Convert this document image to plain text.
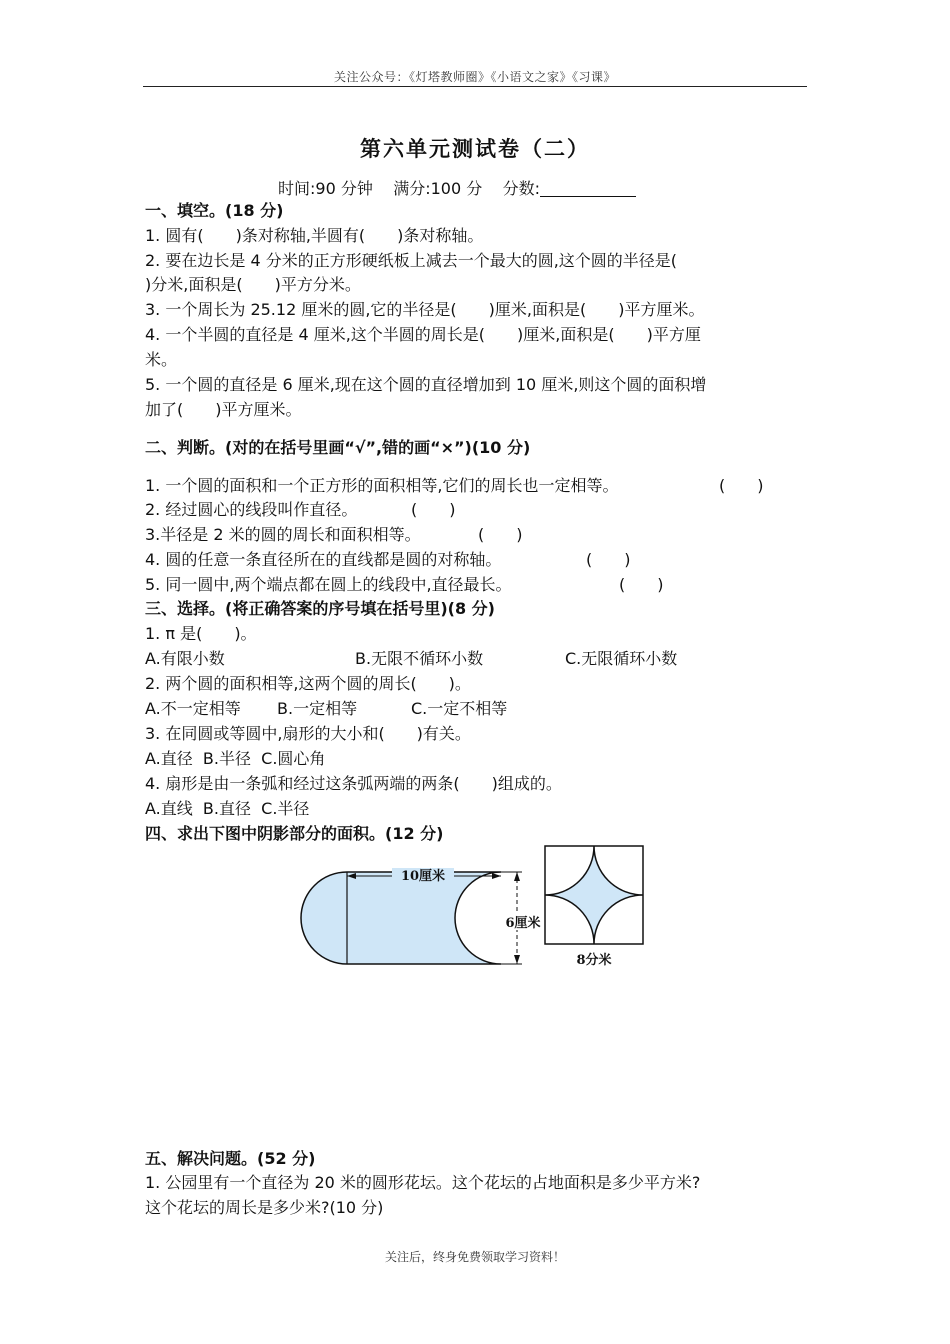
关注公众号：《灯塔教师圈》《小语文之家》《习课》
第六单元测试卷（二）
时间:90 分钟 满分:100 分 分数:
一、填空。(18 分)
1. 圆有(　　)条对称轴,半圆有(　　)条对称轴。
2. 要在边长是 4 分米的正方形硬纸板上减去一个最大的圆,这个圆的半径是(
)分米,面积是(　　)平方分米。
3. 一个周长为 25.12 厘米的圆,它的半径是(　　)厘米,面积是(　　)平方厘米。
4. 一个半圆的直径是 4 厘米,这个半圆的周长是(　　)厘米,面积是(　　)平方厘
米。
5. 一个圆的直径是 6 厘米,现在这个圆的直径增加到 10 厘米,则这个圆的面积增
加了(　　)平方厘米。
二、判断。(对的在括号里画“√”,错的画“×”)(10 分)
1. 一个圆的面积和一个正方形的面积相等,它们的周长也一定相等。	(　　)
2. 经过圆心的线段叫作直径。	(　　)
3.半径是 2 米的圆的周长和面积相等。	(　　)
4. 圆的任意一条直径所在的直线都是圆的对称轴。	(　　)
5. 同一圆中,两个端点都在圆上的线段中,直径最长。	(　　)
三、选择。(将正确答案的序号填在括号里)(8 分)
1. π 是(　　)。
A.有限小数	B.无限不循环小数	C.无限循环小数
2. 两个圆的面积相等,这两个圆的周长(　　)。
A.不一定相等 B.一定相等	C.一定不相等
3. 在同圆或等圆中,扇形的大小和(　　)有关。
A.直径  B.半径  C.圆心角
4. 扇形是由一条弧和经过这条弧两端的两条(　　)组成的。
A.直线  B.直径  C.半径
四、求出下图中阴影部分的面积。(12 分)
10厘米
6厘米
8分米
五、解决问题。(52 分)
1. 公园里有一个直径为 20 米的圆形花坛。这个花坛的占地面积是多少平方米?
这个花坛的周长是多少米?(10 分)
关注后，终身免费领取学习资料！
